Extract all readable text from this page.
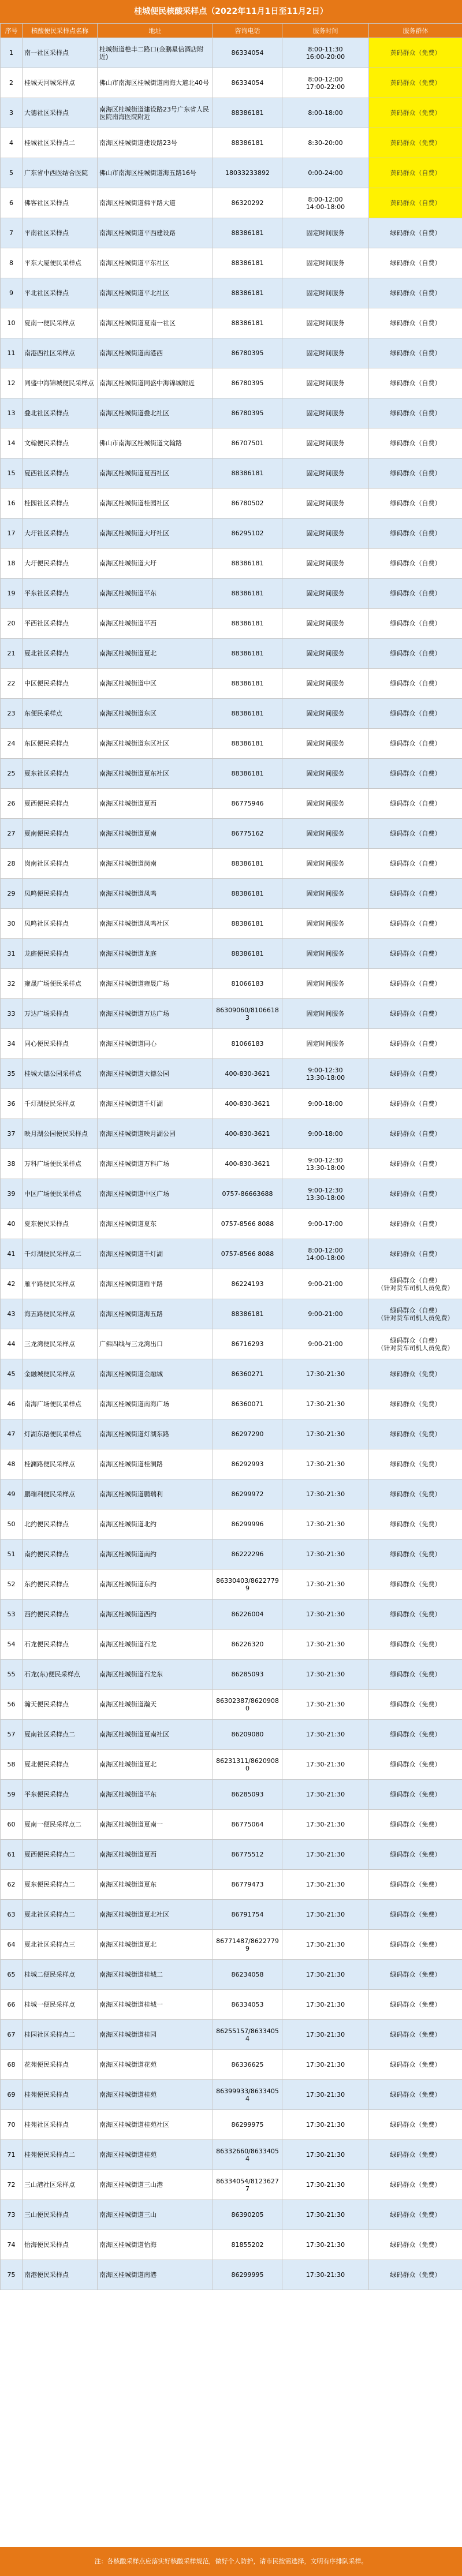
桂城便民核酸采样点（2022年11月1日至11月2日）
序号	核酸便民采样点名称	地址	咨询电话	服务时间	服务群体
1	南一社区采样点	桂城街道樵丰二路口(金鹏星信酒店附近)	86334054	8:00-11:30
16:00-20:00	黄码群众（免费）
2	桂城天河城采样点	佛山市南海区桂城街道南海大道北40号	86334054	8:00-12:00
17:00-22:00	黄码群众（免费）
3	大德社区采样点	南海区桂城街道建设路23号广东省人民医院南海医院附近	88386181	8:00-18:00	黄码群众（免费）
4	桂城社区采样点二	南海区桂城街道建设路23号	88386181	8:30-20:00	黄码群众（免费）
5	广东省中西医结合医院	佛山市南海区桂城街道海五路16号	18033233892	0:00-24:00	黄码群众（自费）
6	佛客社区采样点	南海区桂城街道佛平路大道	86320292	8:00-12:00
14:00-18:00	黄码群众（自费）
7	平南社区采样点	南海区桂城街道平西建设路	88386181	固定时间服务	绿码群众（自费）
8	平东大厦便民采样点	南海区桂城街道平东社区	88386181	固定时间服务	绿码群众（自费）
9	平北社区采样点	南海区桂城街道平北社区	88386181	固定时间服务	绿码群众（自费）
10	夏南一便民采样点	南海区桂城街道夏南一社区	88386181	固定时间服务	绿码群众（自费）
11	南港西社区采样点	南海区桂城街道南港西	86780395	固定时间服务	绿码群众（自费）
12	同盛中海锦城便民采样点	南海区桂城街道同盛中海锦城附近	86780395	固定时间服务	绿码群众（自费）
13	叠北社区采样点	南海区桂城街道叠北社区	86780395	固定时间服务	绿码群众（自费）
14	文翰便民采样点	佛山市南海区桂城街道文翰路	86707501	固定时间服务	绿码群众（自费）
15	夏西社区采样点	南海区桂城街道夏西社区	88386181	固定时间服务	绿码群众（自费）
16	桂园社区采样点	南海区桂城街道桂园社区	86780502	固定时间服务	绿码群众（自费）
17	大圩社区采样点	南海区桂城街道大圩社区	86295102	固定时间服务	绿码群众（自费）
18	大圩便民采样点	南海区桂城街道大圩	88386181	固定时间服务	绿码群众（自费）
19	平东社区采样点	南海区桂城街道平东	88386181	固定时间服务	绿码群众（自费）
20	平西社区采样点	南海区桂城街道平西	88386181	固定时间服务	绿码群众（自费）
21	夏北社区采样点	南海区桂城街道夏北	88386181	固定时间服务	绿码群众（自费）
22	中区便民采样点	南海区桂城街道中区	88386181	固定时间服务	绿码群众（自费）
23	东便民采样点	南海区桂城街道东区	88386181	固定时间服务	绿码群众（自费）
24	东区便民采样点	南海区桂城街道东区社区	88386181	固定时间服务	绿码群众（自费）
25	夏东社区采样点	南海区桂城街道夏东社区	88386181	固定时间服务	绿码群众（自费）
26	夏西便民采样点	南海区桂城街道夏西	86775946	固定时间服务	绿码群众（自费）
27	夏南便民采样点	南海区桂城街道夏南	86775162	固定时间服务	绿码群众（自费）
28	岗南社区采样点	南海区桂城街道岗南	88386181	固定时间服务	绿码群众（自费）
29	凤鸣便民采样点	南海区桂城街道凤鸣	88386181	固定时间服务	绿码群众（自费）
30	凤鸣社区采样点	南海区桂城街道凤鸣社区	88386181	固定时间服务	绿码群众（自费）
31	龙庭便民采样点	南海区桂城街道龙庭	88386181	固定时间服务	绿码群众（自费）
32	雍晟广场便民采样点	南海区桂城街道雍晟广场	81066183	固定时间服务	绿码群众（自费）
33	万达广场采样点	南海区桂城街道万达广场	86309060/81066183	固定时间服务	绿码群众（自费）
34	同心便民采样点	南海区桂城街道同心	81066183	固定时间服务	绿码群众（自费）
35	桂城大德公园采样点	南海区桂城街道大德公园	400-830-3621	9:00-12:30
13:30-18:00	绿码群众（自费）
36	千灯湖便民采样点	南海区桂城街道千灯湖	400-830-3621	9:00-18:00	绿码群众（自费）
37	映月湖公园便民采样点	南海区桂城街道映月湖公园	400-830-3621	9:00-18:00	绿码群众（自费）
38	万科广场便民采样点	南海区桂城街道万科广场	400-830-3621	9:00-12:30
13:30-18:00	绿码群众（自费）
39	中区广场便民采样点	南海区桂城街道中区广场	0757-86663688	9:00-12:30
13:30-18:00	绿码群众（自费）
40	夏东便民采样点	南海区桂城街道夏东	0757-8566 8088	9:00-17:00	绿码群众（自费）
41	千灯湖便民采样点二	南海区桂城街道千灯湖	0757-8566 8088	8:00-12:00
14:00-18:00	绿码群众（自费）
42	雁平路便民采样点	南海区桂城街道雁平路	86224193	9:00-21:00	绿码群众（自费）
（针对货车司机人员免费）
43	海五路便民采样点	南海区桂城街道海五路	88386181	9:00-21:00	绿码群众（自费）
（针对货车司机人员免费）
44	三龙湾便民采样点	广佛四线与三龙湾出口	86716293	9:00-21:00	绿码群众（自费）
（针对货车司机人员免费）
45	金融城便民采样点	南海区桂城街道金融城	86360271	17:30-21:30	绿码群众（免费）
46	南海广场便民采样点	南海区桂城街道南海广场	86360071	17:30-21:30	绿码群众（免费）
47	灯湖东路便民采样点	南海区桂城街道灯湖东路	86297290	17:30-21:30	绿码群众（免费）
48	桂澜路便民采样点	南海区桂城街道桂澜路	86292993	17:30-21:30	绿码群众（免费）
49	鹏瑞利便民采样点	南海区桂城街道鹏瑞利	86299972	17:30-21:30	绿码群众（免费）
50	北约便民采样点	南海区桂城街道北约	86299996	17:30-21:30	绿码群众（免费）
51	南约便民采样点	南海区桂城街道南约	86222296	17:30-21:30	绿码群众（免费）
52	东约便民采样点	南海区桂城街道东约	86330403/86227799	17:30-21:30	绿码群众（免费）
53	西约便民采样点	南海区桂城街道西约	86226004	17:30-21:30	绿码群众（免费）
54	石龙便民采样点	南海区桂城街道石龙	86226320	17:30-21:30	绿码群众（免费）
55	石龙(东)便民采样点	南海区桂城街道石龙东	86285093	17:30-21:30	绿码群众（免费）
56	瀚天便民采样点	南海区桂城街道瀚天	86302387/86209080	17:30-21:30	绿码群众（免费）
57	夏南社区采样点二	南海区桂城街道夏南社区	86209080	17:30-21:30	绿码群众（免费）
58	夏北便民采样点	南海区桂城街道夏北	86231311/86209080	17:30-21:30	绿码群众（免费）
59	平东便民采样点	南海区桂城街道平东	86285093	17:30-21:30	绿码群众（免费）
60	夏南一便民采样点二	南海区桂城街道夏南一	86775064	17:30-21:30	绿码群众（免费）
61	夏西便民采样点二	南海区桂城街道夏西	86775512	17:30-21:30	绿码群众（免费）
62	夏东便民采样点二	南海区桂城街道夏东	86779473	17:30-21:30	绿码群众（免费）
63	夏北社区采样点二	南海区桂城街道夏北社区	86791754	17:30-21:30	绿码群众（免费）
64	夏北社区采样点三	南海区桂城街道夏北	86771487/86227799	17:30-21:30	绿码群众（免费）
65	桂城二便民采样点	南海区桂城街道桂城二	86234058	17:30-21:30	绿码群众（免费）
66	桂城一便民采样点	南海区桂城街道桂城一	86334053	17:30-21:30	绿码群众（免费）
67	桂园社区采样点二	南海区桂城街道桂园	86255157/86334054	17:30-21:30	绿码群众（免费）
68	花苑便民采样点	南海区桂城街道花苑	86336625	17:30-21:30	绿码群众（免费）
69	桂苑便民采样点	南海区桂城街道桂苑	86399933/86334054	17:30-21:30	绿码群众（免费）
70	桂苑社区采样点	南海区桂城街道桂苑社区	86299975	17:30-21:30	绿码群众（免费）
71	桂苑便民采样点二	南海区桂城街道桂苑	86332660/86334054	17:30-21:30	绿码群众（免费）
72	三山港社区采样点	南海区桂城街道三山港	86334054/81236277	17:30-21:30	绿码群众（免费）
73	三山便民采样点	南海区桂城街道三山	86390205	17:30-21:30	绿码群众（免费）
74	怡海便民采样点	南海区桂城街道怡海	81855202	17:30-21:30	绿码群众（免费）
75	南港便民采样点	南海区桂城街道南港	86299995	17:30-21:30	绿码群众（免费）
注：各核酸采样点应落实好核酸采样规范，做好个人防护，请市民按需选择，文明有序排队采样。
